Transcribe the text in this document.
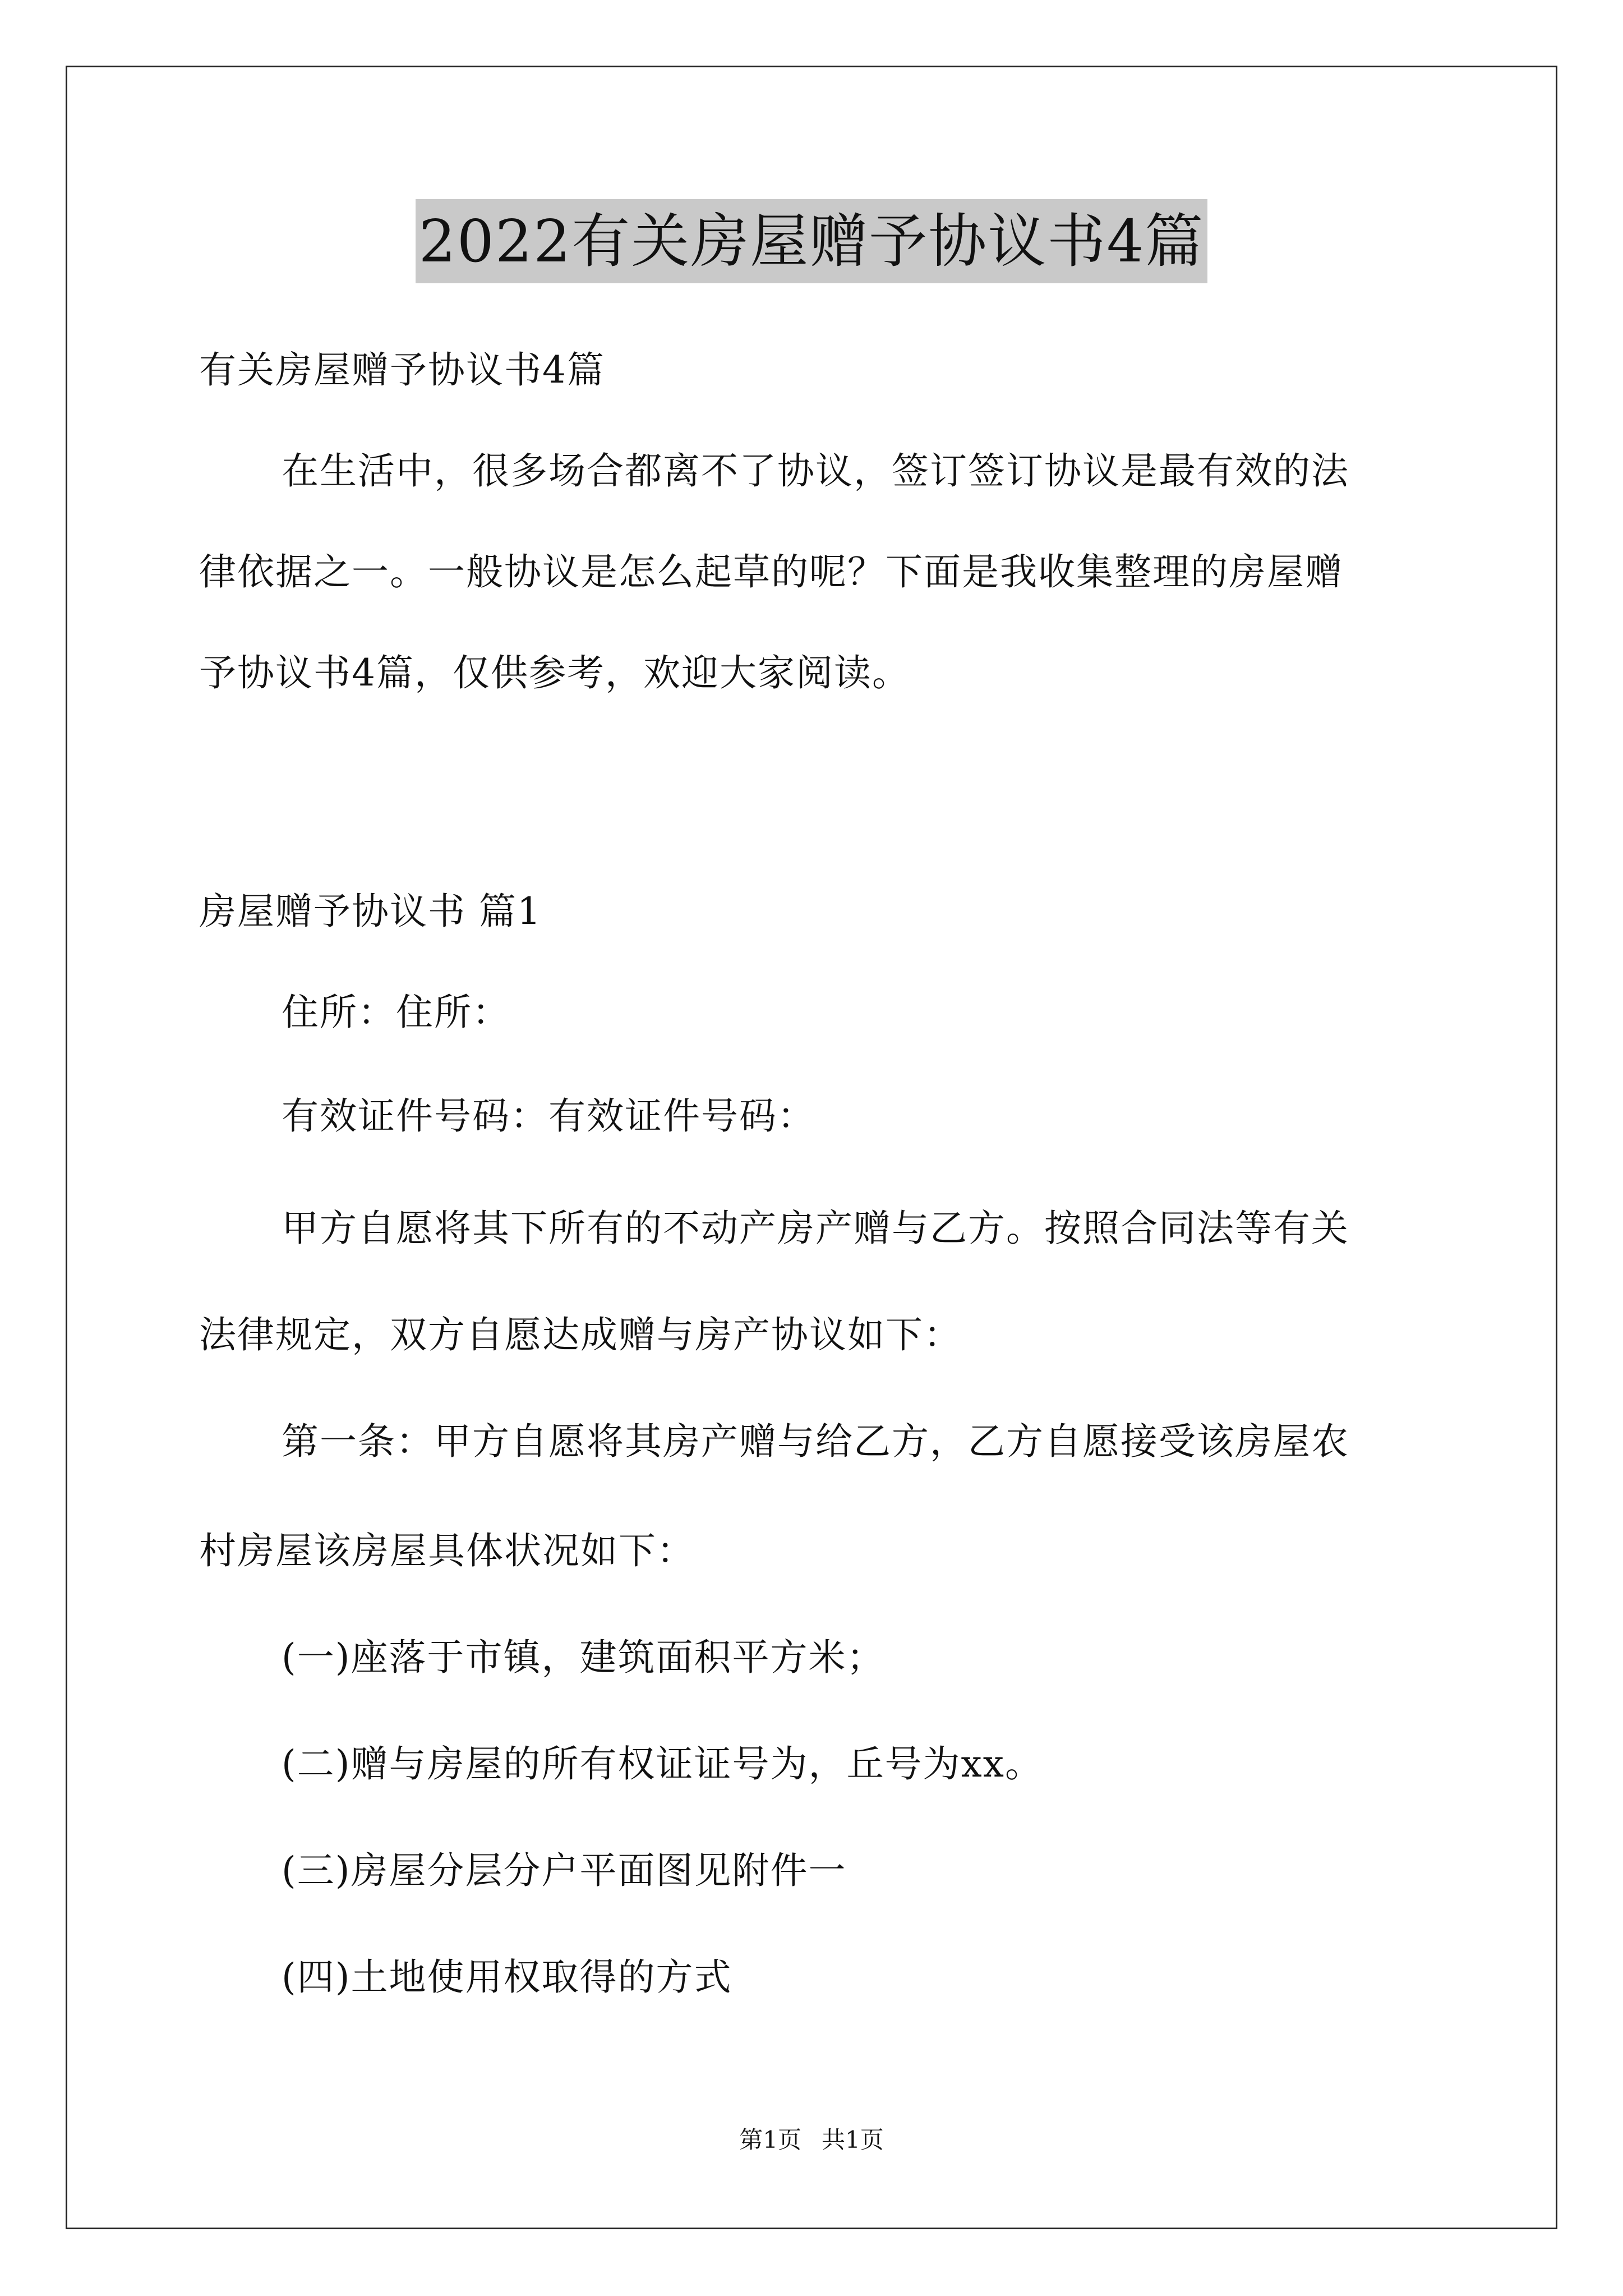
2022有关房屋赠予协议书4篇
有关房屋赠予协议书4篇
在生活中，很多场合都离不了协议，签订签订协议是最有效的法
律依据之一。一般协议是怎么起草的呢？下面是我收集整理的房屋赠
予协议书4篇，仅供参考，欢迎大家阅读。
房屋赠予协议书 篇1
住所：住所：
有效证件号码：有效证件号码：
甲方自愿将其下所有的不动产房产赠与乙方。按照合同法等有关
法律规定，双方自愿达成赠与房产协议如下：
第一条：甲方自愿将其房产赠与给乙方，乙方自愿接受该房屋农
村房屋该房屋具体状况如下：
(一)座落于市镇，建筑面积平方米；
(二)赠与房屋的所有权证证号为，丘号为xx。
(三)房屋分层分户平面图见附件一
(四)土地使用权取得的方式
第1页 共1页
